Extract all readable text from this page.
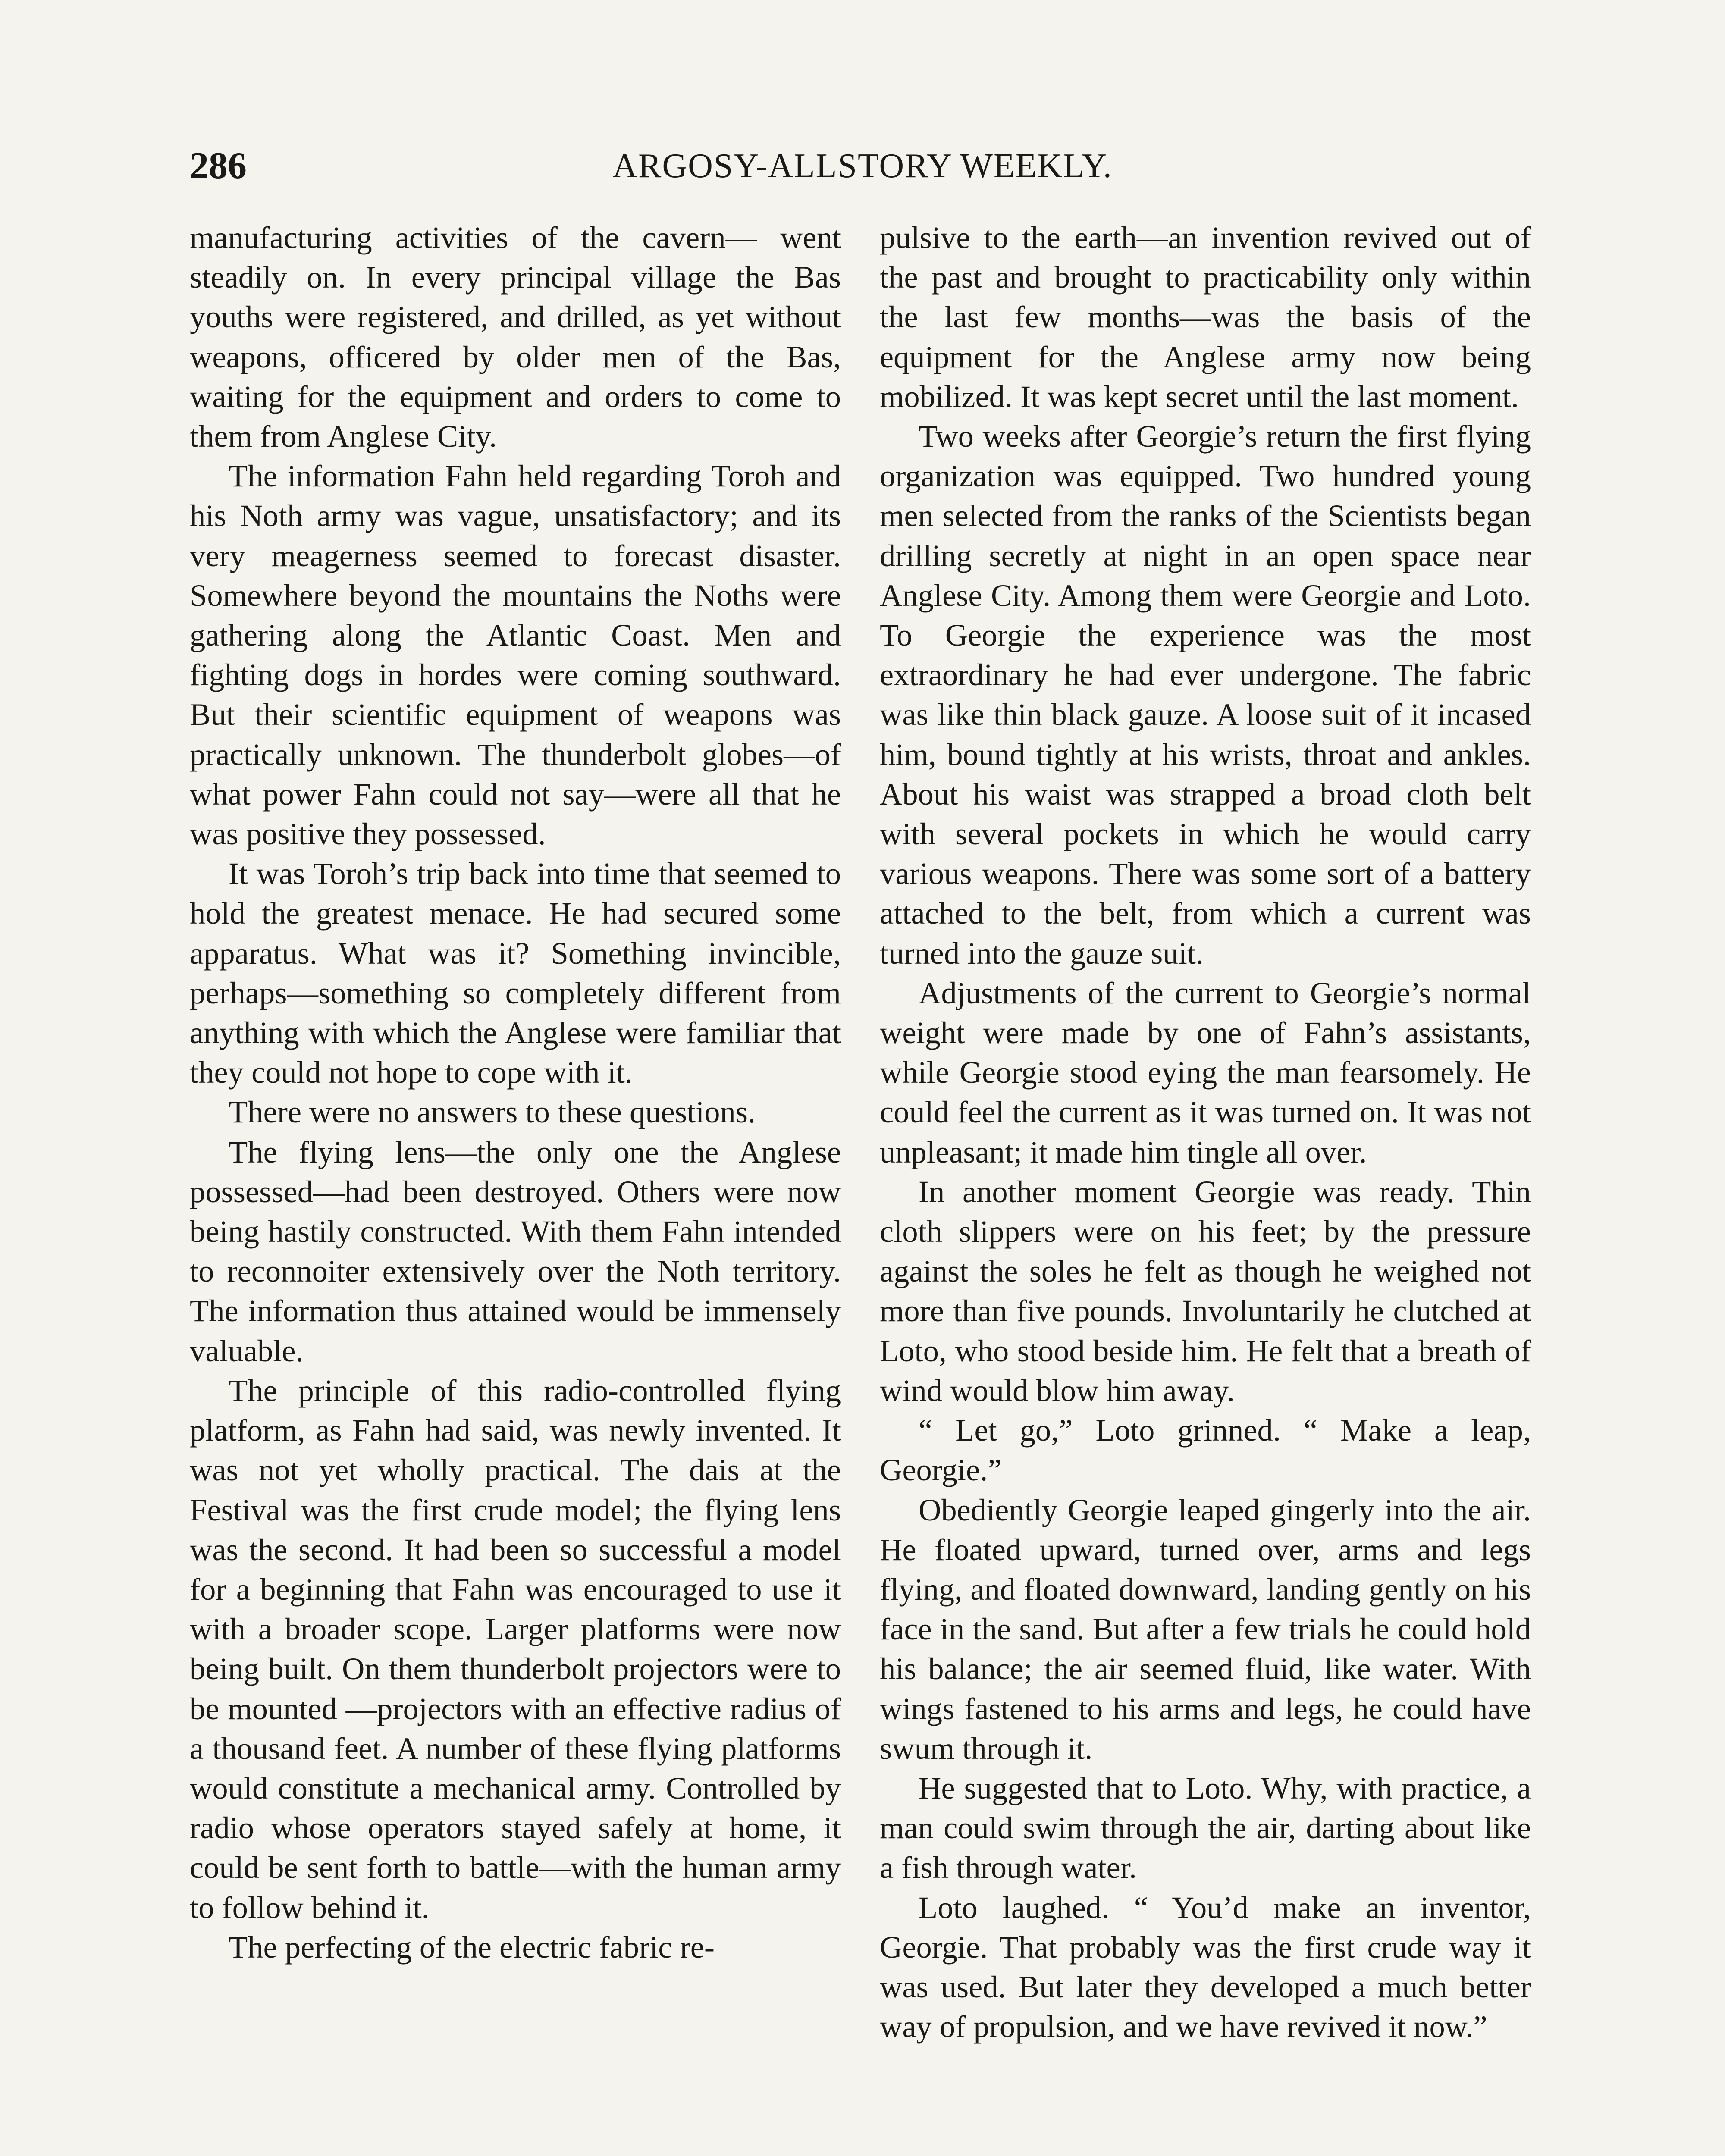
286	ARGOSY-ALLSTORY WEEKLY.

manufacturing activities of the cavern— went steadily on. In every principal village the Bas youths were registered, and drilled, as yet without weapons, officered by older men of the Bas, waiting for the equipment and orders to come to them from Anglese City.

The information Fahn held regarding Toroh and his Noth army was vague, unsatisfactory; and its very meagerness seemed to forecast disaster. Somewhere beyond the mountains the Noths were gathering along the Atlantic Coast. Men and fighting dogs in hordes were coming southward. But their scientific equipment of weapons was practically unknown. The thunderbolt globes—of what power Fahn could not say—were all that he was positive they possessed.

It was Toroh’s trip back into time that seemed to hold the greatest menace. He had secured some apparatus. What was it? Something invincible, perhaps—something so completely different from anything with which the Anglese were familiar that they could not hope to cope with it.

There were no answers to these questions.

The flying lens—the only one the Anglese possessed—had been destroyed. Others were now being hastily constructed. With them Fahn intended to reconnoiter extensively over the Noth territory. The information thus attained would be immensely valuable.

The principle of this radio-controlled flying platform, as Fahn had said, was newly invented. It was not yet wholly practical. The dais at the Festival was the first crude model; the flying lens was the second. It had been so successful a model for a beginning that Fahn was encouraged to use it with a broader scope. Larger platforms were now being built. On them thunderbolt projectors were to be mounted —projectors with an effective radius of a thousand feet. A number of these flying platforms would constitute a mechanical army. Controlled by radio whose operators stayed safely at home, it could be sent forth to battle—with the human army to follow behind it.

The perfecting of the electric fabric re-

pulsive to the earth—an invention revived out of the past and brought to practicability only within the last few months—was the basis of the equipment for the Anglese army now being mobilized. It was kept secret until the last moment.

Two weeks after Georgie’s return the first flying organization was equipped. Two hundred young men selected from the ranks of the Scientists began drilling secretly at night in an open space near Anglese City. Among them were Georgie and Loto. To Georgie the experience was the most extraordinary he had ever undergone. The fabric was like thin black gauze. A loose suit of it incased him, bound tightly at his wrists, throat and ankles. About his waist was strapped a broad cloth belt with several pockets in which he would carry various weapons. There was some sort of a battery attached to the belt, from which a current was turned into the gauze suit.

Adjustments of the current to Georgie’s normal weight were made by one of Fahn’s assistants, while Georgie stood eying the man fearsomely. He could feel the current as it was turned on. It was not unpleasant; it made him tingle all over.

In another moment Georgie was ready. Thin cloth slippers were on his feet; by the pressure against the soles he felt as though he weighed not more than five pounds. Involuntarily he clutched at Loto, who stood beside him. He felt that a breath of wind would blow him away.

“ Let go,” Loto grinned. “ Make a leap, Georgie.”

Obediently Georgie leaped gingerly into the air. He floated upward, turned over, arms and legs flying, and floated downward, landing gently on his face in the sand. But after a few trials he could hold his balance; the air seemed fluid, like water. With wings fastened to his arms and legs, he could have swum through it.

He suggested that to Loto. Why, with practice, a man could swim through the air, darting about like a fish through water.

Loto laughed. “ You’d make an inventor, Georgie. That probably was the first crude way it was used. But later they developed a much better way of propulsion, and we have revived it now.”
